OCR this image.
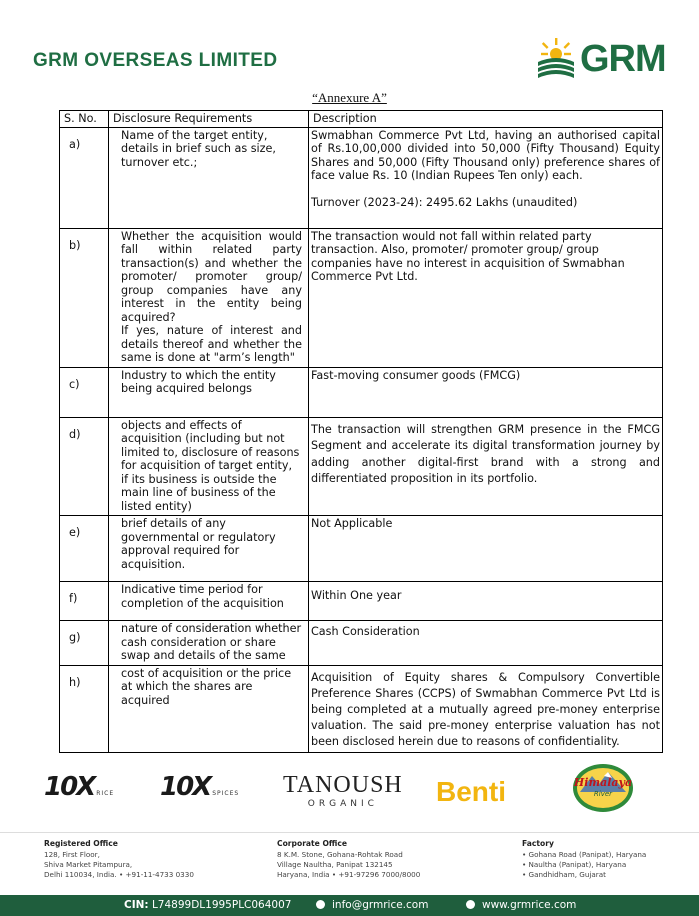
GRM OVERSEAS LIMITED	GRM
“Annexure A”
S. No.	Disclosure Requirements	Description

a)	Name of the target entity, details in brief such as size, turnover etc.;	Swmabhan Commerce Pvt Ltd, having an authorised capital of Rs.10,00,000 divided into 50,000 (Fifty Thousand) Equity Shares and 50,000 (Fifty Thousand only) preference shares of face value Rs. 10 (Indian Rupees Ten only) each.
Turnover (2023-24): 2495.62 Lakhs (unaudited)

b)	Whether the acquisition would fall within related party transaction(s) and whether the promoter/ promoter group/ group companies have any interest in the entity being acquired?
If yes, nature of interest and details thereof and whether the same is done at "arm’s length"	The transaction would not fall within related party transaction. Also, promoter/ promoter group/ group companies have no interest in acquisition of Swmabhan Commerce Pvt Ltd.

c)	Industry to which the entity being acquired belongs	Fast-moving consumer goods (FMCG)

d)	objects and effects of acquisition (including but not limited to, disclosure of reasons for acquisition of target entity, if its business is outside the main line of business of the listed entity)	The transaction will strengthen GRM presence in the FMCG Segment and accelerate its digital transformation journey by adding another digital-first brand with a strong and differentiated proposition in its portfolio.

e)	brief details of any governmental or regulatory approval required for acquisition.	Not Applicable

f)	Indicative time period for completion of the acquisition	Within One year

g)	nature of consideration whether cash consideration or share swap and details of the same	Cash Consideration

h)	cost of acquisition or the price at which the shares are acquired	Acquisition of Equity shares & Compulsory Convertible Preference Shares (CCPS) of Swmabhan Commerce Pvt Ltd is being completed at a mutually agreed pre-money enterprise valuation. The said pre-money enterprise valuation has not been disclosed herein due to reasons of confidentiality.
10X RICE 10X SPICES TANOUSH
ORGANIC	Benti	Himalaya
River
Registered Office
128, First Floor,
Shiva Market Pitampura,
Delhi 110034, India. • +91-11-4733 0330
Corporate Office
8 K.M. Stone, Gohana-Rohtak Road
Village Naultha, Panipat 132145
Haryana, India • +91-97296 7000/8000
Factory
• Gohana Road (Panipat), Haryana
• Naultha (Panipat), Haryana
• Gandhidham, Gujarat
CIN: L74899DL1995PLC064007	info@grmrice.com	www.grmrice.com
